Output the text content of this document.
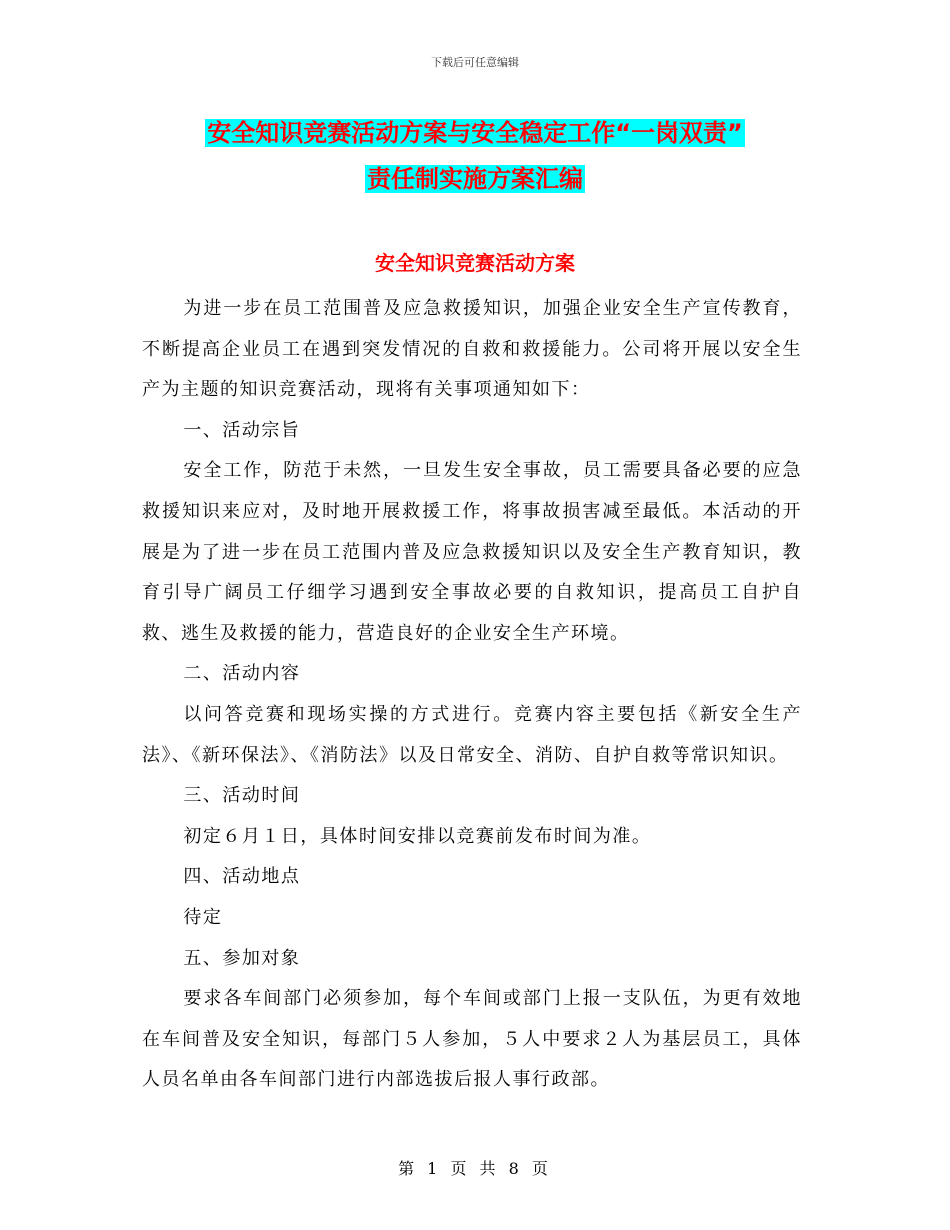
下载后可任意编辑
安全知识竞赛活动方案与安全稳定工作“一岗双责”
责任制实施方案汇编
安全知识竞赛活动方案

为进一步在员工范围普及应急救援知识，加强企业安全生产宣传教育，不断提高企业员工在遇到突发情况的自救和救援能力。公司将开展以安全生产为主题的知识竞赛活动，现将有关事项通知如下：

一、活动宗旨

安全工作，防范于未然，一旦发生安全事故，员工需要具备必要的应急救援知识来应对，及时地开展救援工作，将事故损害减至最低。本活动的开展是为了进一步在员工范围内普及应急救援知识以及安全生产教育知识，教育引导广阔员工仔细学习遇到安全事故必要的自救知识，提高员工自护自救、逃生及救援的能力，营造良好的企业安全生产环境。

二、活动内容

以问答竞赛和现场实操的方式进行。竞赛内容主要包括《新安全生产法》、《新环保法》、《消防法》以及日常安全、消防、自护自救等常识知识。

三、活动时间

初定６月１日，具体时间安排以竞赛前发布时间为准。

四、活动地点

待定

五、参加对象

要求各车间部门必须参加，每个车间或部门上报一支队伍，为更有效地在车间普及安全知识，每部门５人参加，５人中要求２人为基层员工，具体人员名单由各车间部门进行内部选拔后报人事行政部。

第 1 页 共 8 页
